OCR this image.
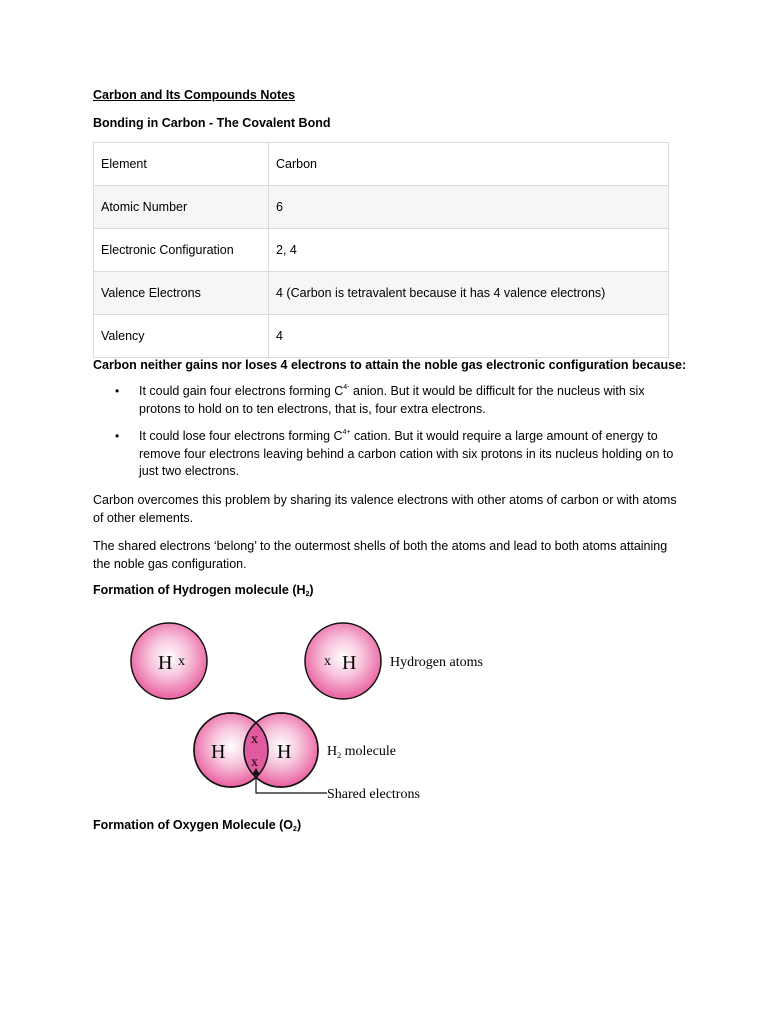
Carbon and Its Compounds Notes
Bonding in Carbon - The Covalent Bond
Element	Carbon
Atomic Number	6
Electronic Configuration	2, 4
Valence Electrons	4 (Carbon is tetravalent because it has 4 valence electrons)
Valency	4
Carbon neither gains nor loses 4 electrons to attain the noble gas electronic configuration because:
• It could gain four electrons forming $C^{4-}$ anion. But it would be difficult for the nucleus with six protons to hold on to ten electrons, that is, four extra electrons.
• It could lose four electrons forming $C^{4+}$ cation. But it would require a large amount of energy to remove four electrons leaving behind a carbon cation with six protons in its nucleus holding on to just two electrons.

Carbon overcomes this problem by sharing its valence electrons with other atoms of carbon or with atoms of other elements.

The shared electrons ‘belong’ to the outermost shells of both the atoms and lead to both atoms attaining the noble gas configuration.

Formation of Hydrogen molecule $(H_2)$
H x	x H Hydrogen atoms
H	H
x
x
$H_2$ molecule
Shared electrons
Formation of Oxygen Molecule $(O_2)$
